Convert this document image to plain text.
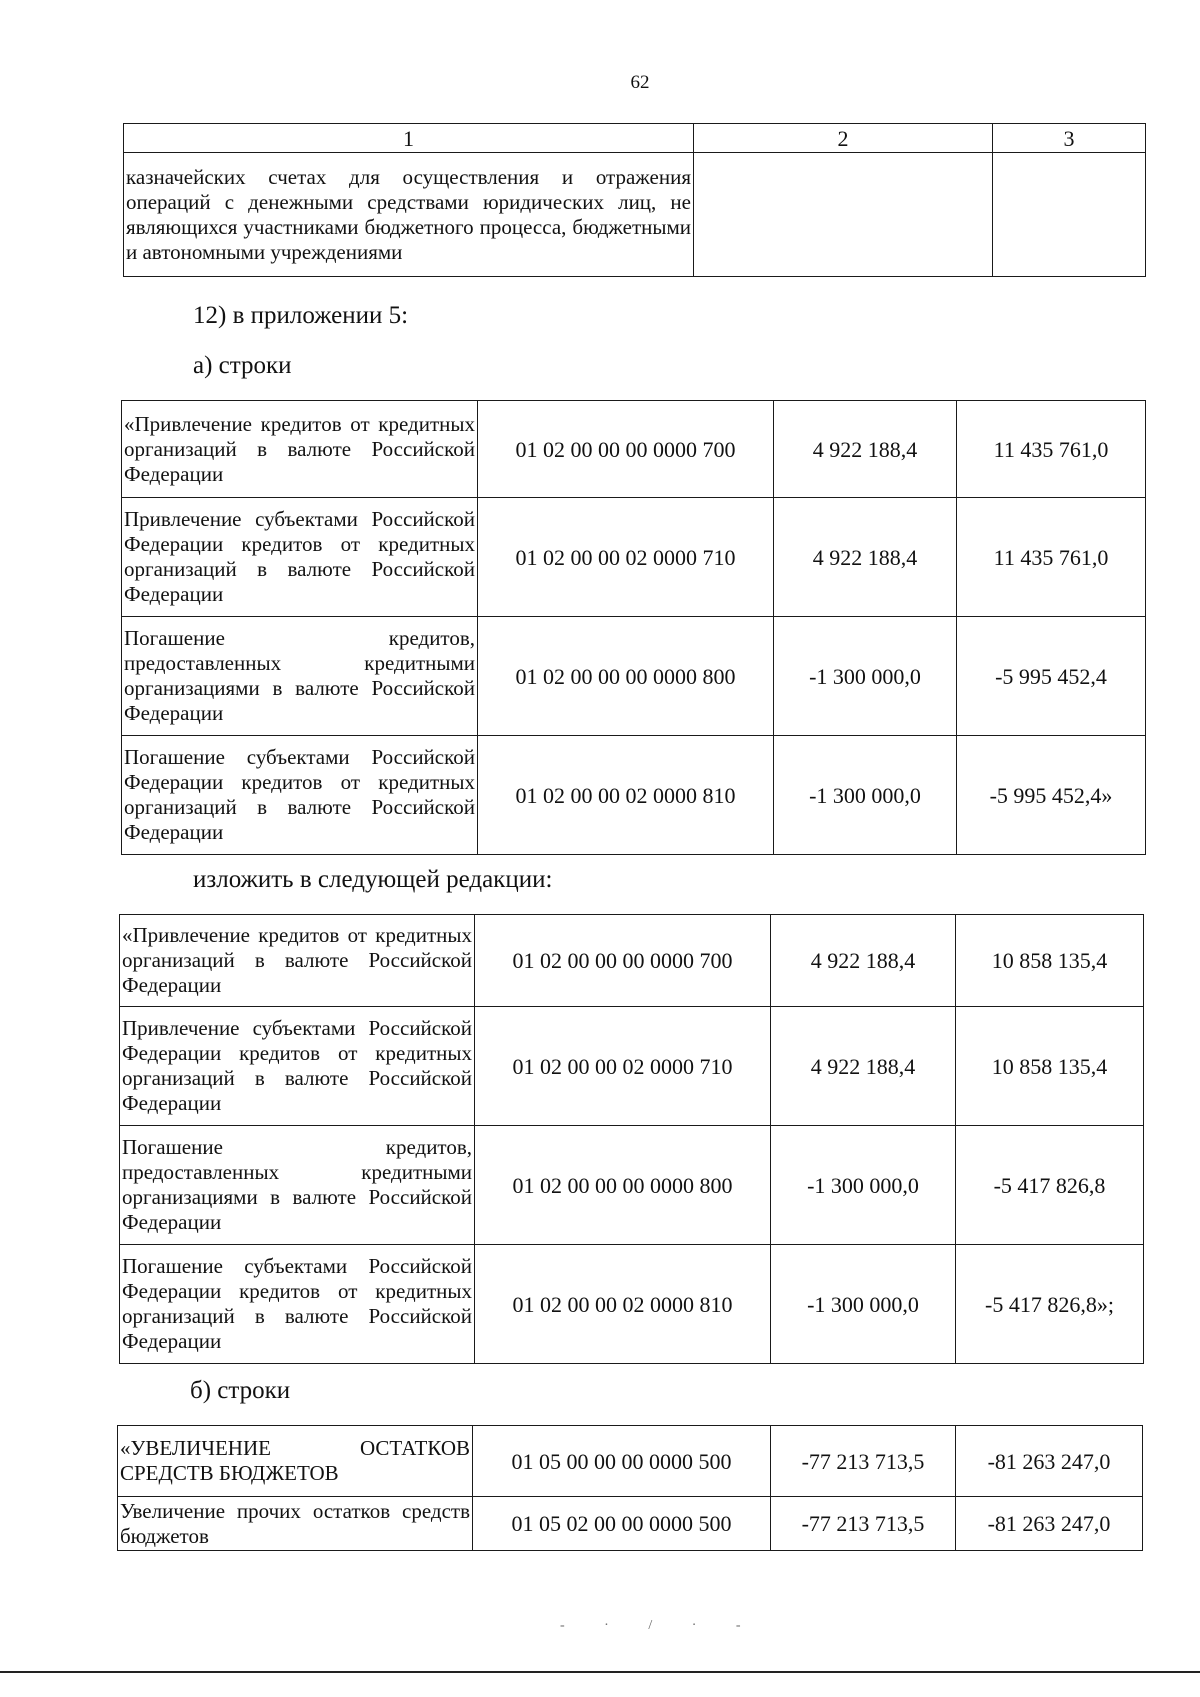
62
1	2	3
казначейских счетах для осуществления и отражения операций с денежными средствами юридических лиц, не являющихся участниками бюджетного процесса, бюджетными и автономными учреждениями		

12) в приложении 5:

а) строки

«Привлечение кредитов от кредитных организаций в валюте Российской Федерации	01 02 00 00 00 0000 700	4 922 188,4	11 435 761,0
Привлечение субъектами Российской Федерации кредитов от кредитных организаций в валюте Российской Федерации	01 02 00 00 02 0000 710	4 922 188,4	11 435 761,0
Погашение кредитов, предоставленных кредитными организациями в валюте Российской Федерации	01 02 00 00 00 0000 800	-1 300 000,0	-5 995 452,4
Погашение субъектами Российской Федерации кредитов от кредитных организаций в валюте Российской Федерации	01 02 00 00 02 0000 810	-1 300 000,0	-5 995 452,4»

изложить в следующей редакции:

«Привлечение кредитов от кредитных организаций в валюте Российской Федерации	01 02 00 00 00 0000 700	4 922 188,4	10 858 135,4
Привлечение субъектами Российской Федерации кредитов от кредитных организаций в валюте Российской Федерации	01 02 00 00 02 0000 710	4 922 188,4	10 858 135,4
Погашение кредитов, предоставленных кредитными организациями в валюте Российской Федерации	01 02 00 00 00 0000 800	-1 300 000,0	-5 417 826,8
Погашение субъектами Российской Федерации кредитов от кредитных организаций в валюте Российской Федерации	01 02 00 00 02 0000 810	-1 300 000,0	-5 417 826,8»;

б) строки

«УВЕЛИЧЕНИЕ ОСТАТКОВ СРЕДСТВ БЮДЖЕТОВ	01 05 00 00 00 0000 500	-77 213 713,5	-81 263 247,0
Увеличение прочих остатков средств бюджетов	01 05 02 00 00 0000 500	-77 213 713,5	-81 263 247,0
- · / · -
